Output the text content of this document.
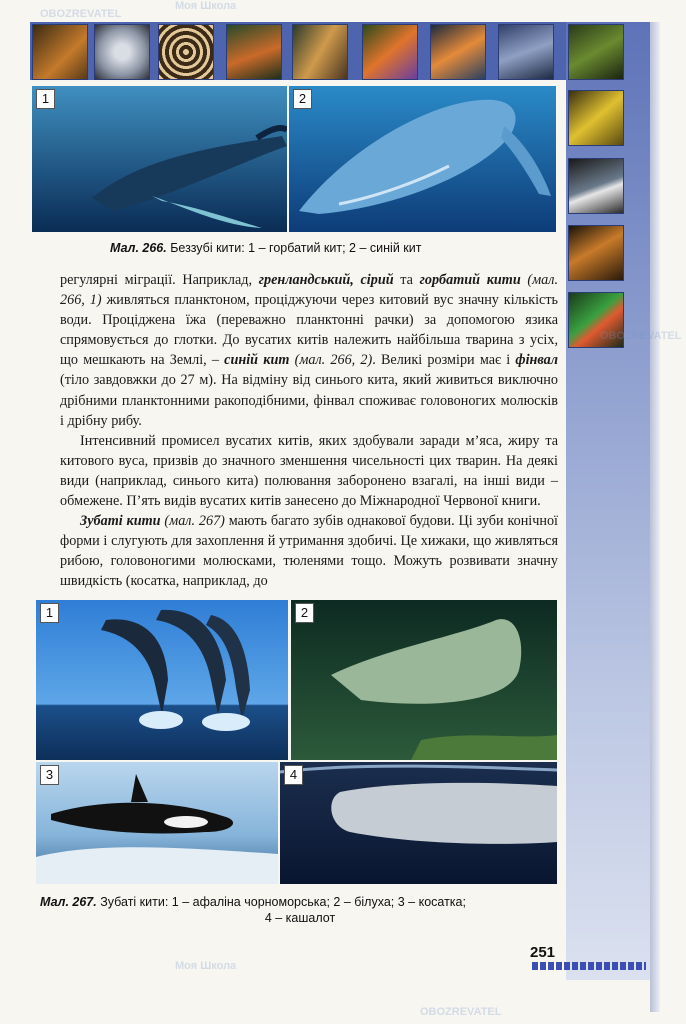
1	2
Мал. 266. Беззубі кити: 1 – горбатий кит; 2 – синій кит

регулярні міграції. Наприклад, гренландський, сірий та горбатий кити (мал. 266, 1) живляться планктоном, проціджуючи через китовий вус значну кількість води. Проціджена їжа (переважно планктонні рачки) за допомогою язика спрямовується до глотки. До вусатих китів належить найбільша тварина з усіх, що мешкають на Землі, – синій кит (мал. 266, 2). Великі розміри має і фінвал (тіло завдовжки до 27 м). На відміну від синього кита, який живиться виключно дрібними планктонними ракоподібними, фінвал споживає головоногих молюсків і дрібну рибу.

Інтенсивний промисел вусатих китів, яких здобували заради м’яса, жиру та китового вуса, призвів до значного зменшення чисельності цих тварин. На деякі види (наприклад, синього кита) полювання заборонено взагалі, на інші види – обмежене. П’ять видів вусатих китів занесено до Міжнародної Червоної книги.

Зубаті кити (мал. 267) мають багато зубів однакової будови. Ці зуби конічної форми і слугують для захоплення й утримання здобичі. Це хижаки, що живляться рибою, головоногими молюсками, тюленями тощо. Можуть розвивати значну швидкість (косатка, наприклад, до

1	2
3	4
Мал. 267. Зубаті кити: 1 – афаліна чорноморська; 2 – білуха; 3 – косатка;
4 – кашалот
251
OBOZREVATEL
Моя Школа
OBOZREVATEL
Моя Школа
OBOZREVATEL
